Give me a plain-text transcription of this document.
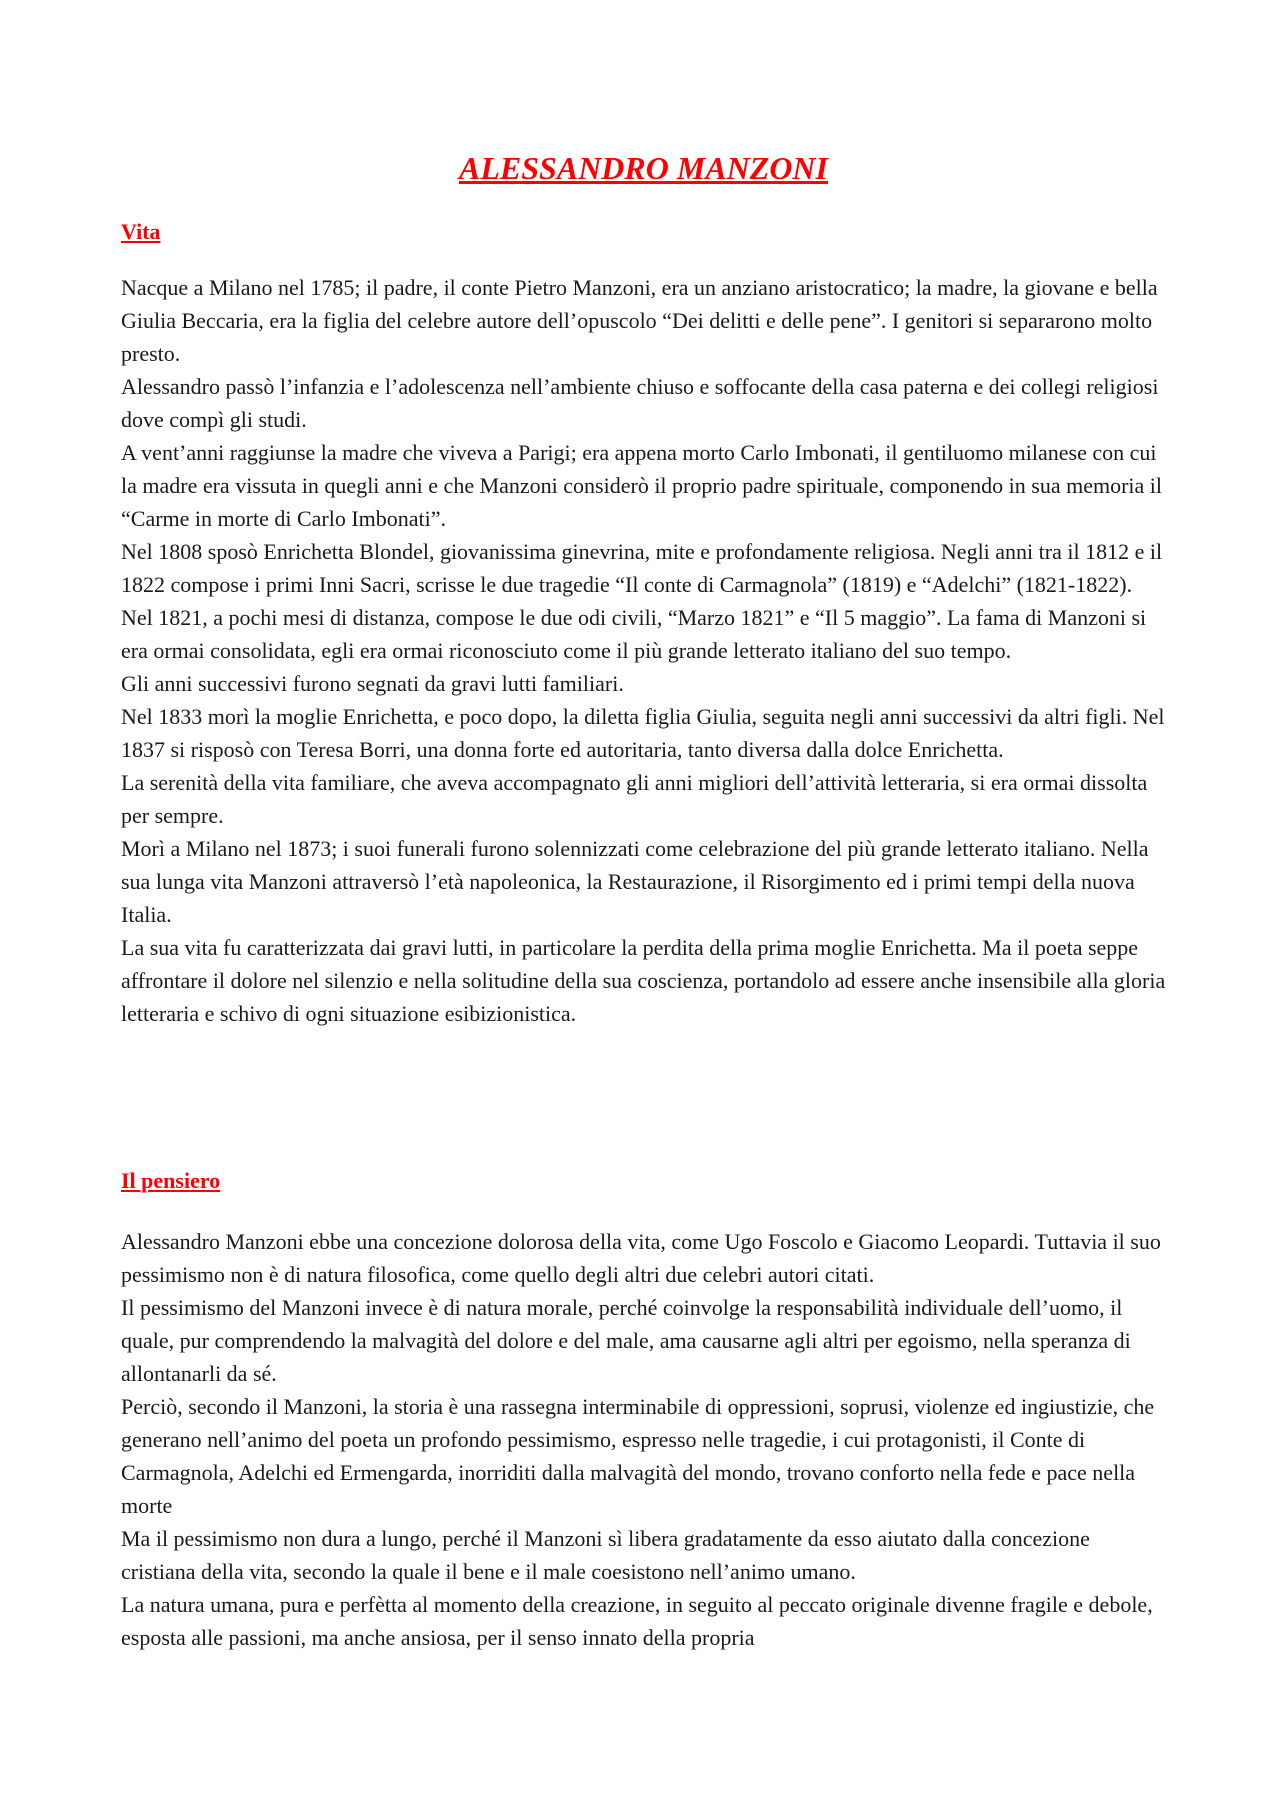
ALESSANDRO MANZONI
Vita

Nacque a Milano nel 1785; il padre, il conte Pietro Manzoni, era un anziano aristocratico; la madre, la giovane e bella Giulia Beccaria, era la figlia del celebre autore dell’opuscolo “Dei delitti e delle pene”. I genitori si separarono molto presto.

Alessandro passò l’infanzia e l’adolescenza nell’ambiente chiuso e soffocante della casa paterna e dei collegi religiosi dove compì gli studi.

A vent’anni raggiunse la madre che viveva a Parigi; era appena morto Carlo Imbonati, il gentiluomo milanese con cui la madre era vissuta in quegli anni e che Manzoni considerò il proprio padre spirituale, componendo in sua memoria il “Carme in morte di Carlo Imbonati”.

Nel 1808 sposò Enrichetta Blondel, giovanissima ginevrina, mite e profondamente religiosa. Negli anni tra il 1812 e il 1822 compose i primi Inni Sacri, scrisse le due tragedie “Il conte di Carmagnola” (1819) e “Adelchi” (1821-1822).

Nel 1821, a pochi mesi di distanza, compose le due odi civili, “Marzo 1821” e “Il 5 maggio”. La fama di Manzoni si era ormai consolidata, egli era ormai riconosciuto come il più grande letterato italiano del suo tempo.

Gli anni successivi furono segnati da gravi lutti familiari.

Nel 1833 morì la moglie Enrichetta, e poco dopo, la diletta figlia Giulia, seguita negli anni successivi da altri figli. Nel 1837 si risposò con Teresa Borri, una donna forte ed autoritaria, tanto diversa dalla dolce Enrichetta.

La serenità della vita familiare, che aveva accompagnato gli anni migliori dell’attività letteraria, si era ormai dissolta per sempre.

Morì a Milano nel 1873; i suoi funerali furono solennizzati come celebrazione del più grande letterato italiano. Nella sua lunga vita Manzoni attraversò l’età napoleonica, la Restaurazione, il Risorgimento ed i primi tempi della nuova Italia.

La sua vita fu caratterizzata dai gravi lutti, in particolare la perdita della prima moglie Enrichetta. Ma il poeta seppe affrontare il dolore nel silenzio e nella solitudine della sua coscienza, portandolo ad essere anche insensibile alla gloria letteraria e schivo di ogni situazione esibizionistica.

Il pensiero

Alessandro Manzoni ebbe una concezione dolorosa della vita, come Ugo Foscolo e Giacomo Leopardi. Tuttavia il suo pessimismo non è di natura filosofica, come quello degli altri due celebri autori citati.

Il pessimismo del Manzoni invece è di natura morale, perché coinvolge la responsabilità individuale dell’uomo, il quale, pur comprendendo la malvagità del dolore e del male, ama causarne agli altri per egoismo, nella speranza di allontanarli da sé.

Perciò, secondo il Manzoni, la storia è una rassegna interminabile di oppressioni, soprusi, violenze ed ingiustizie, che generano nell’animo del poeta un profondo pessimismo, espresso nelle tragedie, i cui protagonisti, il Conte di Carmagnola, Adelchi ed Ermengarda, inorriditi dalla malvagità del mondo, trovano conforto nella fede e pace nella morte

Ma il pessimismo non dura a lungo, perché il Manzoni sì libera gradatamente da esso aiutato dalla concezione cristiana della vita, secondo la quale il bene e il male coesistono nell’animo umano.

La natura umana, pura e perfètta al momento della creazione, in seguito al peccato originale divenne fragile e debole, esposta alle passioni, ma anche ansiosa, per il senso innato della propria
